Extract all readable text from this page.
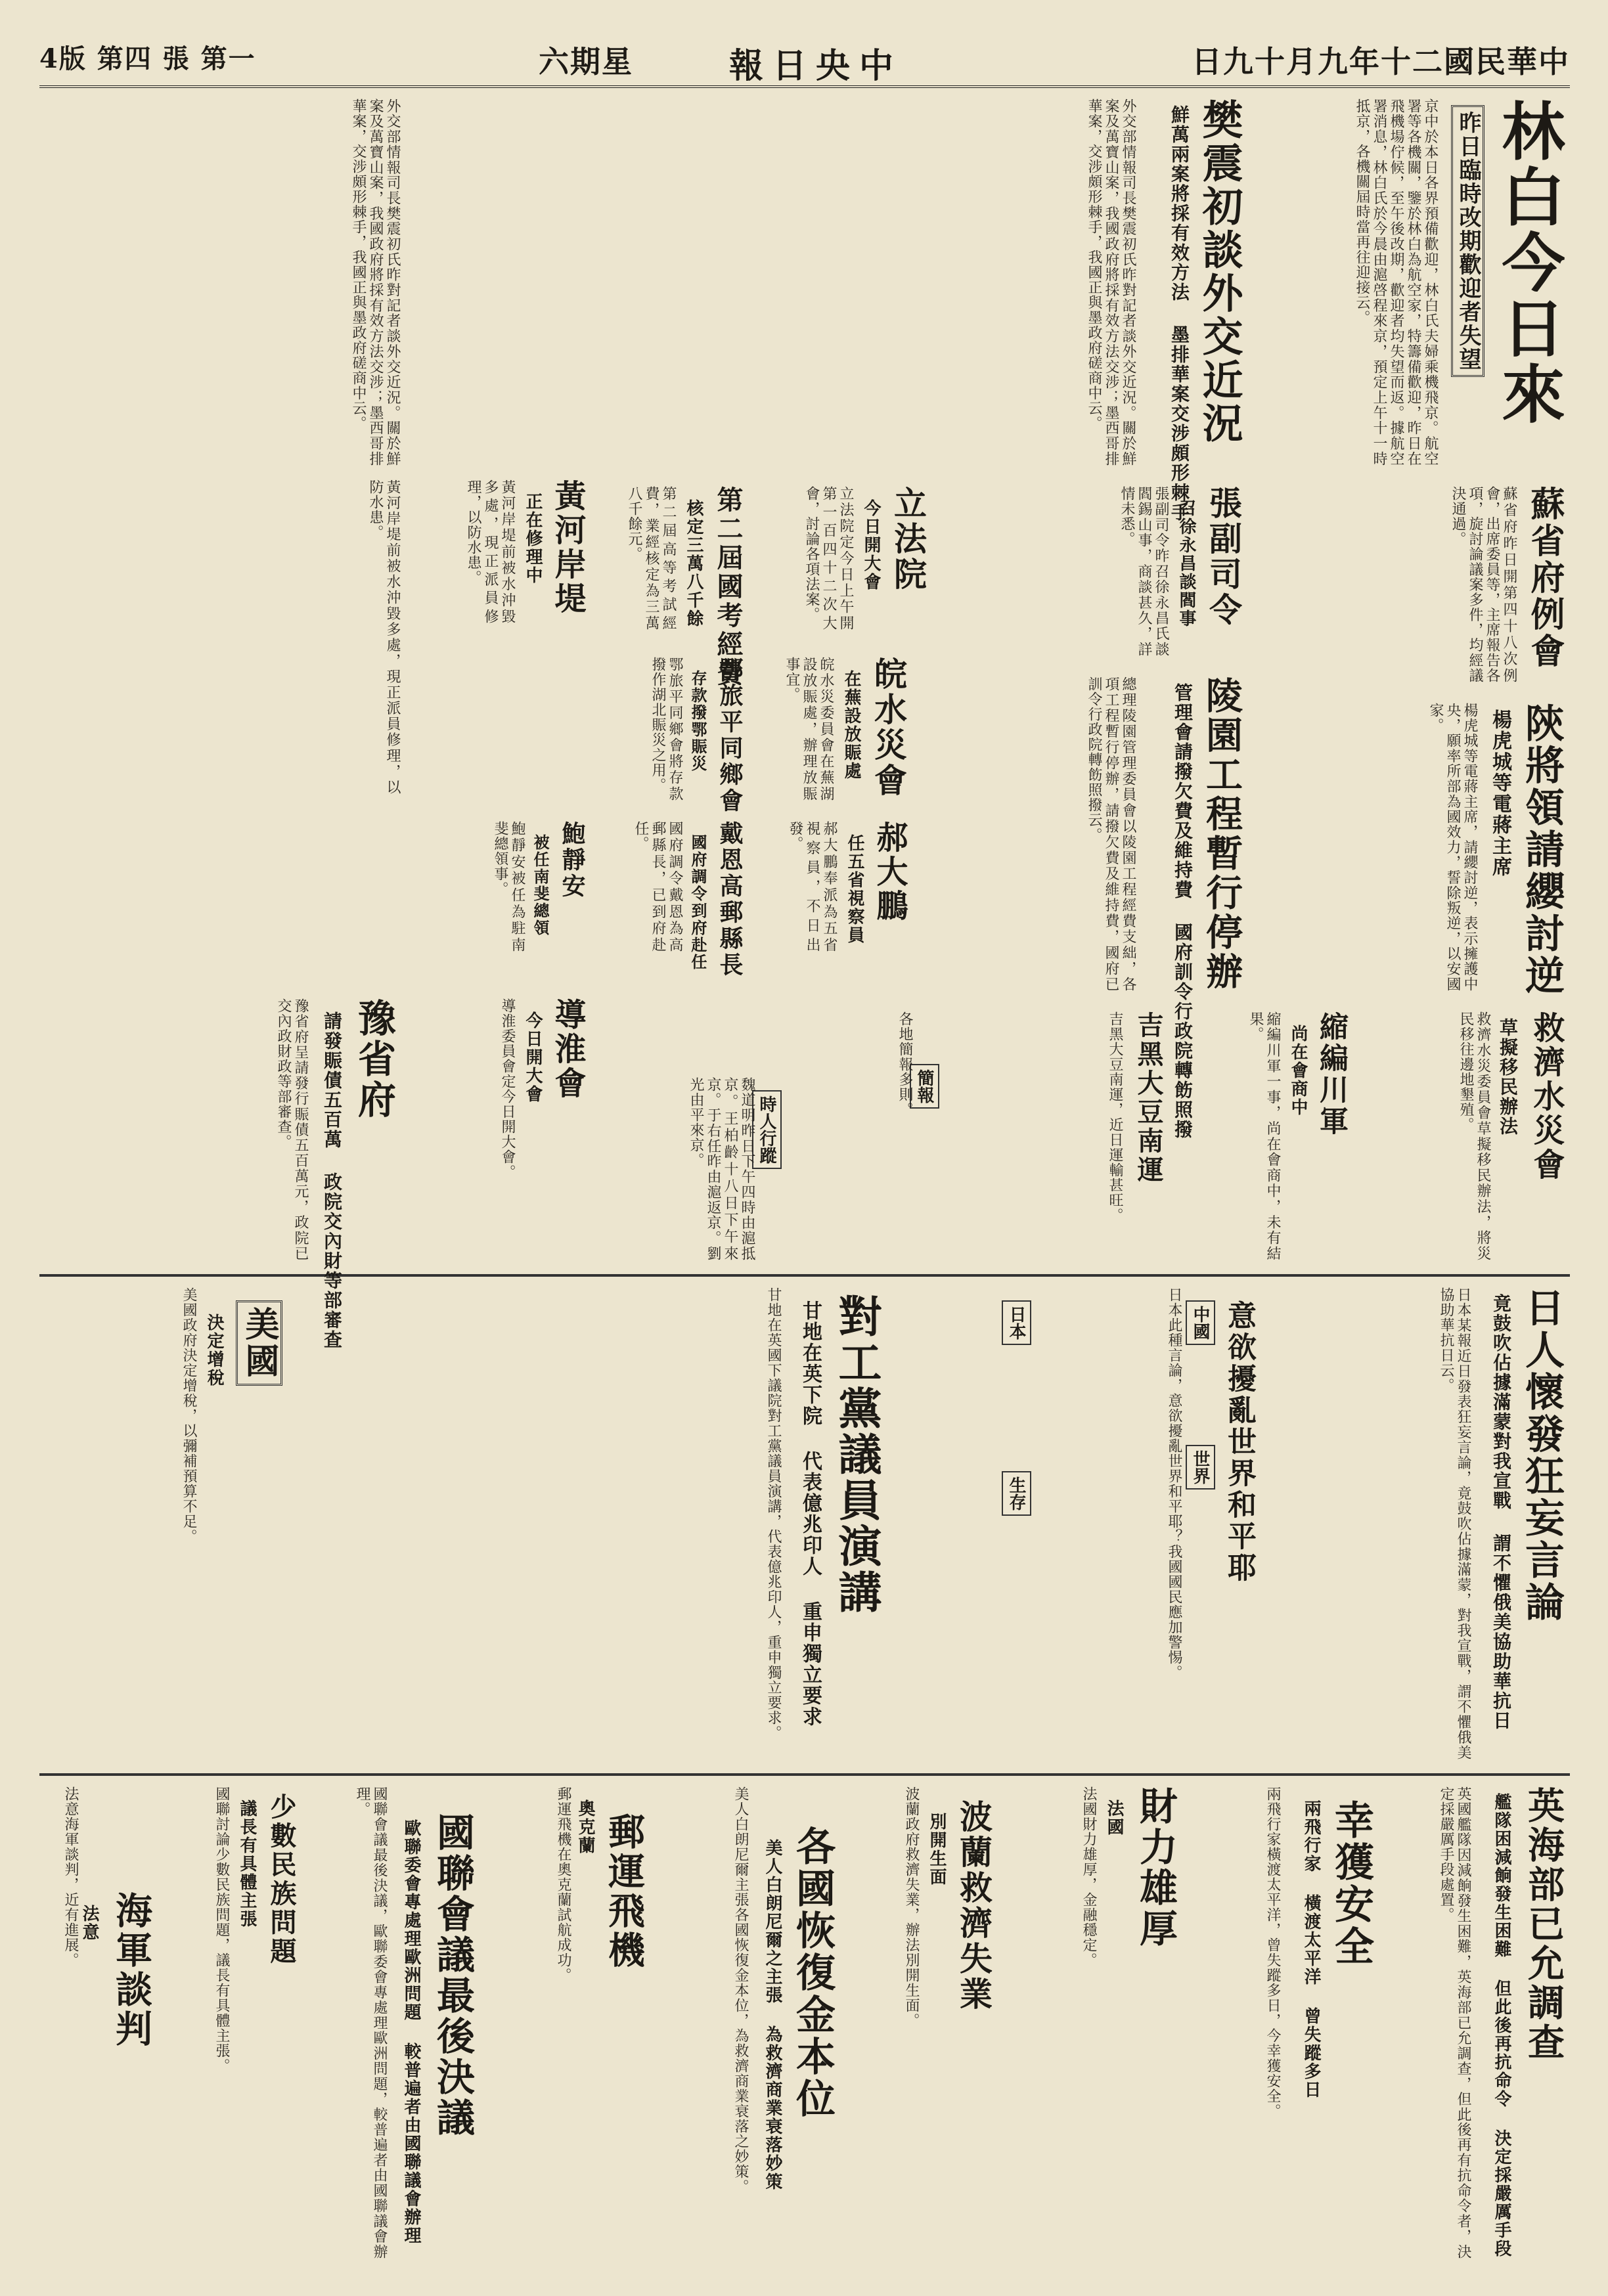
日九十月九年十二國民華中
報日央中
六期星
4版 第四 張 第一
林白今日來
昨日臨時改期歡迎者失望
京中於本日各界預備歡迎，林白氏夫婦乘機飛京。航空署等各機關，鑒於林白為航空家，特籌備歡迎，昨日在飛機場佇候，至午後改期，歡迎者均失望而返。據航空署消息，林白氏於今晨由滬啓程來京，預定上午十一時抵京，各機關屆時當再往迎接云。
蘇省府例會
蘇省府昨日開第四十八次例會，出席委員等，主席報告各項，旋討論議案多件，均經議決通過。
陝將領請纓討逆
楊虎城等電蔣主席
楊虎城等電蔣主席，請纓討逆，表示擁護中央，願率所部為國效力，誓除叛逆，以安國家。
救濟水災會
草擬移民辦法
救濟水災委員會草擬移民辦法，將災民移往邊地墾殖。
縮編川軍
尚在會商中
縮編川軍一事，尚在會商中，未有結果。
樊震初談外交近況
鮮萬兩案將採有效方法 墨排華案交涉頗形棘手
外交部情報司長樊震初氏昨對記者談外交近況。關於鮮案及萬寶山案，我國政府將採有效方法交涉；墨西哥排華案，交涉頗形棘手，我國正與墨政府磋商中云。
張副司令
召徐永昌談閻事
張副司令昨召徐永昌氏談閻錫山事，商談甚久，詳情未悉。
陵園工程暫行停辦
管理會請撥欠費及維持費 國府訓令行政院轉飭照撥
總理陵園管理委員會以陵園工程經費支絀，各項工程暫行停辦，請撥欠費及維持費，國府已訓令行政院轉飭照撥云。
吉黑大豆南運
吉黑大豆南運，近日運輸甚旺。
立法院
今日開大會
立法院定今日上午開第一百四十二次大會，討論各項法案。
簡報
各地簡報多則。
時人行蹤
魏道明昨日下午四時由滬抵京。王柏齡十八日下午來京。于右任昨由滬返京。劉光由平來京。
第二屆國考經費
核定三萬八千餘
第二屆高等考試經費，業經核定為三萬八千餘元。
黃河岸堤
正在修理中
黃河岸堤前被水沖毀多處，現正派員修理，以防水患。
皖水災會
在蕪設放賑處
皖水災委員會在蕪湖設放賑處，辦理放賑事宜。
郝大鵬
任五省視察員
郝大鵬奉派為五省視察員，不日出發。
鄂旅平同鄉會
存款撥鄂賑災
鄂旅平同鄉會將存款撥作湖北賑災之用。
戴恩高郵縣長
國府調令到府赴任
國府調令戴恩為高郵縣長，已到府赴任。
鮑靜安
被任南斐總領
鮑靜安被任為駐南斐總領事。
導淮會
今日開大會
導淮委員會定今日開大會。
外交部情報司長樊震初氏昨對記者談外交近況。關於鮮案及萬寶山案，我國政府將採有效方法交涉；墨西哥排華案，交涉頗形棘手，我國正與墨政府磋商中云。
黃河岸堤前被水沖毀多處，現正派員修理，以防水患。
豫省府
請發賑債五百萬 政院交內財等部審查
豫省府呈請發行賑債五百萬元，政院已交內政財政等部審查。
日人懷發狂妄言論
竟鼓吹佔據滿蒙對我宣戰 謂不懼俄美協助華抗日
日本某報近日發表狂妄言論，竟鼓吹佔據滿蒙，對我宣戰，謂不懼俄美協助華抗日云。
意欲擾亂世界和平耶
中國
日本
世界
生存	日本此種言論，意欲擾亂世界和平耶？我國國民應加警惕。
對工黨議員演講
甘地在英下院 代表億兆印人 重申獨立要求
甘地在英國下議院對工黨議員演講，代表億兆印人，重申獨立要求。
美國
決定增稅
美國政府決定增稅，以彌補預算不足。
英海部已允調查
艦隊困減餉發生困難 但此後再抗命令 決定採嚴厲手段
英國艦隊因減餉發生困難，英海部已允調查，但此後再有抗命令者，決定採嚴厲手段處置。
幸獲安全
兩飛行家 橫渡太平洋 曾失蹤多日
兩飛行家橫渡太平洋，曾失蹤多日，今幸獲安全。
財力雄厚
法國
法國財力雄厚，金融穩定。
波蘭救濟失業
別開生面
波蘭政府救濟失業，辦法別開生面。
各國恢復金本位
美人白朗尼爾之主張 為救濟商業衰落妙策
美人白朗尼爾主張各國恢復金本位，為救濟商業衰落之妙策。
郵運飛機
奧克蘭
郵運飛機在奧克蘭試航成功。
國聯會議最後決議
歐聯委會專處理歐洲問題 較普遍者由國聯議會辦理
國聯會議最後決議，歐聯委會專處理歐洲問題，較普遍者由國聯議會辦理。
少數民族問題
議長有具體主張
國聯討論少數民族問題，議長有具體主張。
海軍談判
法意
法意海軍談判，近有進展。
